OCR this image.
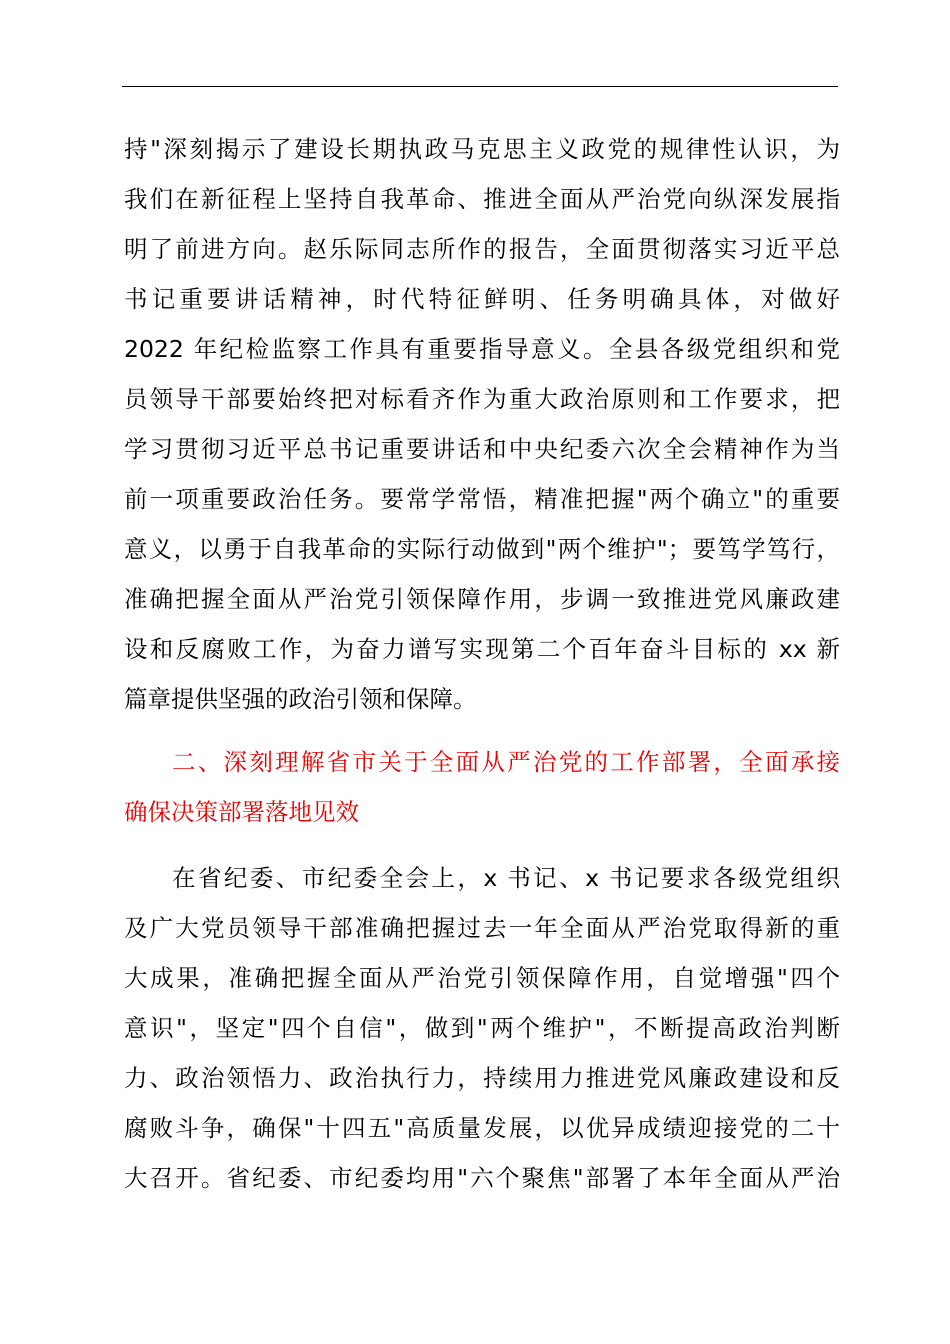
持"深刻揭示了建设长期执政马克思主义政党的规律性认识，为
我们在新征程上坚持自我革命、推进全面从严治党向纵深发展指
明了前进方向。赵乐际同志所作的报告，全面贯彻落实习近平总
书记重要讲话精神，时代特征鲜明、任务明确具体，对做好
2022 年纪检监察工作具有重要指导意义。全县各级党组织和党
员领导干部要始终把对标看齐作为重大政治原则和工作要求，把
学习贯彻习近平总书记重要讲话和中央纪委六次全会精神作为当
前一项重要政治任务。要常学常悟，精准把握"两个确立"的重要
意义，以勇于自我革命的实际行动做到"两个维护"；要笃学笃行，
准确把握全面从严治党引领保障作用，步调一致推进党风廉政建
设和反腐败工作，为奋力谱写实现第二个百年奋斗目标的 xx 新
篇章提供坚强的政治引领和保障。
二、深刻理解省市关于全面从严治党的工作部署，全面承接
确保决策部署落地见效
在省纪委、市纪委全会上，x 书记、x 书记要求各级党组织
及广大党员领导干部准确把握过去一年全面从严治党取得新的重
大成果，准确把握全面从严治党引领保障作用，自觉增强"四个
意识"，坚定"四个自信"，做到"两个维护"，不断提高政治判断
力、政治领悟力、政治执行力，持续用力推进党风廉政建设和反
腐败斗争，确保"十四五"高质量发展，以优异成绩迎接党的二十
大召开。省纪委、市纪委均用"六个聚焦"部署了本年全面从严治
